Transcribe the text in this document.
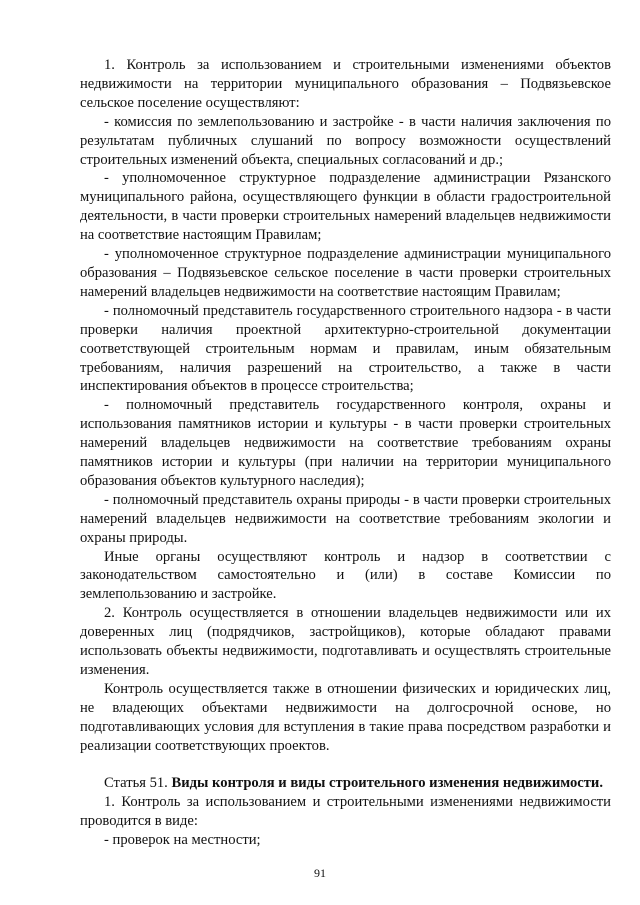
1. Контроль за использованием и строительными изменениями объектов недвижимости на территории муниципального образования – Подвязьевское сельское поселение осуществляют:

- комиссия по землепользованию и застройке - в части наличия заключения по результатам публичных слушаний по вопросу возможности осуществлений строительных изменений объекта, специальных согласований и др.;

- уполномоченное структурное подразделение администрации Рязанского муниципального района, осуществляющего функции в области градостроительной деятельности, в части проверки строительных намерений владельцев недвижимости на соответствие настоящим Правилам;

- уполномоченное структурное подразделение администрации муниципального образования – Подвязьевское сельское поселение в части проверки строительных намерений владельцев недвижимости на соответствие настоящим Правилам;

- полномочный представитель государственного строительного надзора - в части проверки наличия проектной архитектурно-строительной документации соответствующей строительным нормам и правилам, иным обязательным требованиям, наличия разрешений на строительство, а также в части инспектирования объектов в процессе строительства;

- полномочный представитель государственного контроля, охраны и использования памятников истории и культуры - в части проверки строительных намерений владельцев недвижимости на соответствие требованиям охраны памятников истории и культуры (при наличии на территории муниципального образования объектов культурного наследия);

- полномочный представитель охраны природы - в части проверки строительных намерений владельцев недвижимости на соответствие требованиям экологии и охраны природы.

Иные органы осуществляют контроль и надзор в соответствии с законодательством самостоятельно и (или) в составе Комиссии по землепользованию и застройке.

2. Контроль осуществляется в отношении владельцев недвижимости или их доверенных лиц (подрядчиков, застройщиков), которые обладают правами использовать объекты недвижимости, подготавливать и осуществлять строительные изменения.

Контроль осуществляется также в отношении физических и юридических лиц, не владеющих объектами недвижимости на долгосрочной основе, но подготавливающих условия для вступления в такие права посредством разработки и реализации соответствующих проектов.

Статья 51. Виды контроля и виды строительного изменения недвижимости.

1. Контроль за использованием и строительными изменениями недвижимости проводится в виде:

- проверок на местности;

91
